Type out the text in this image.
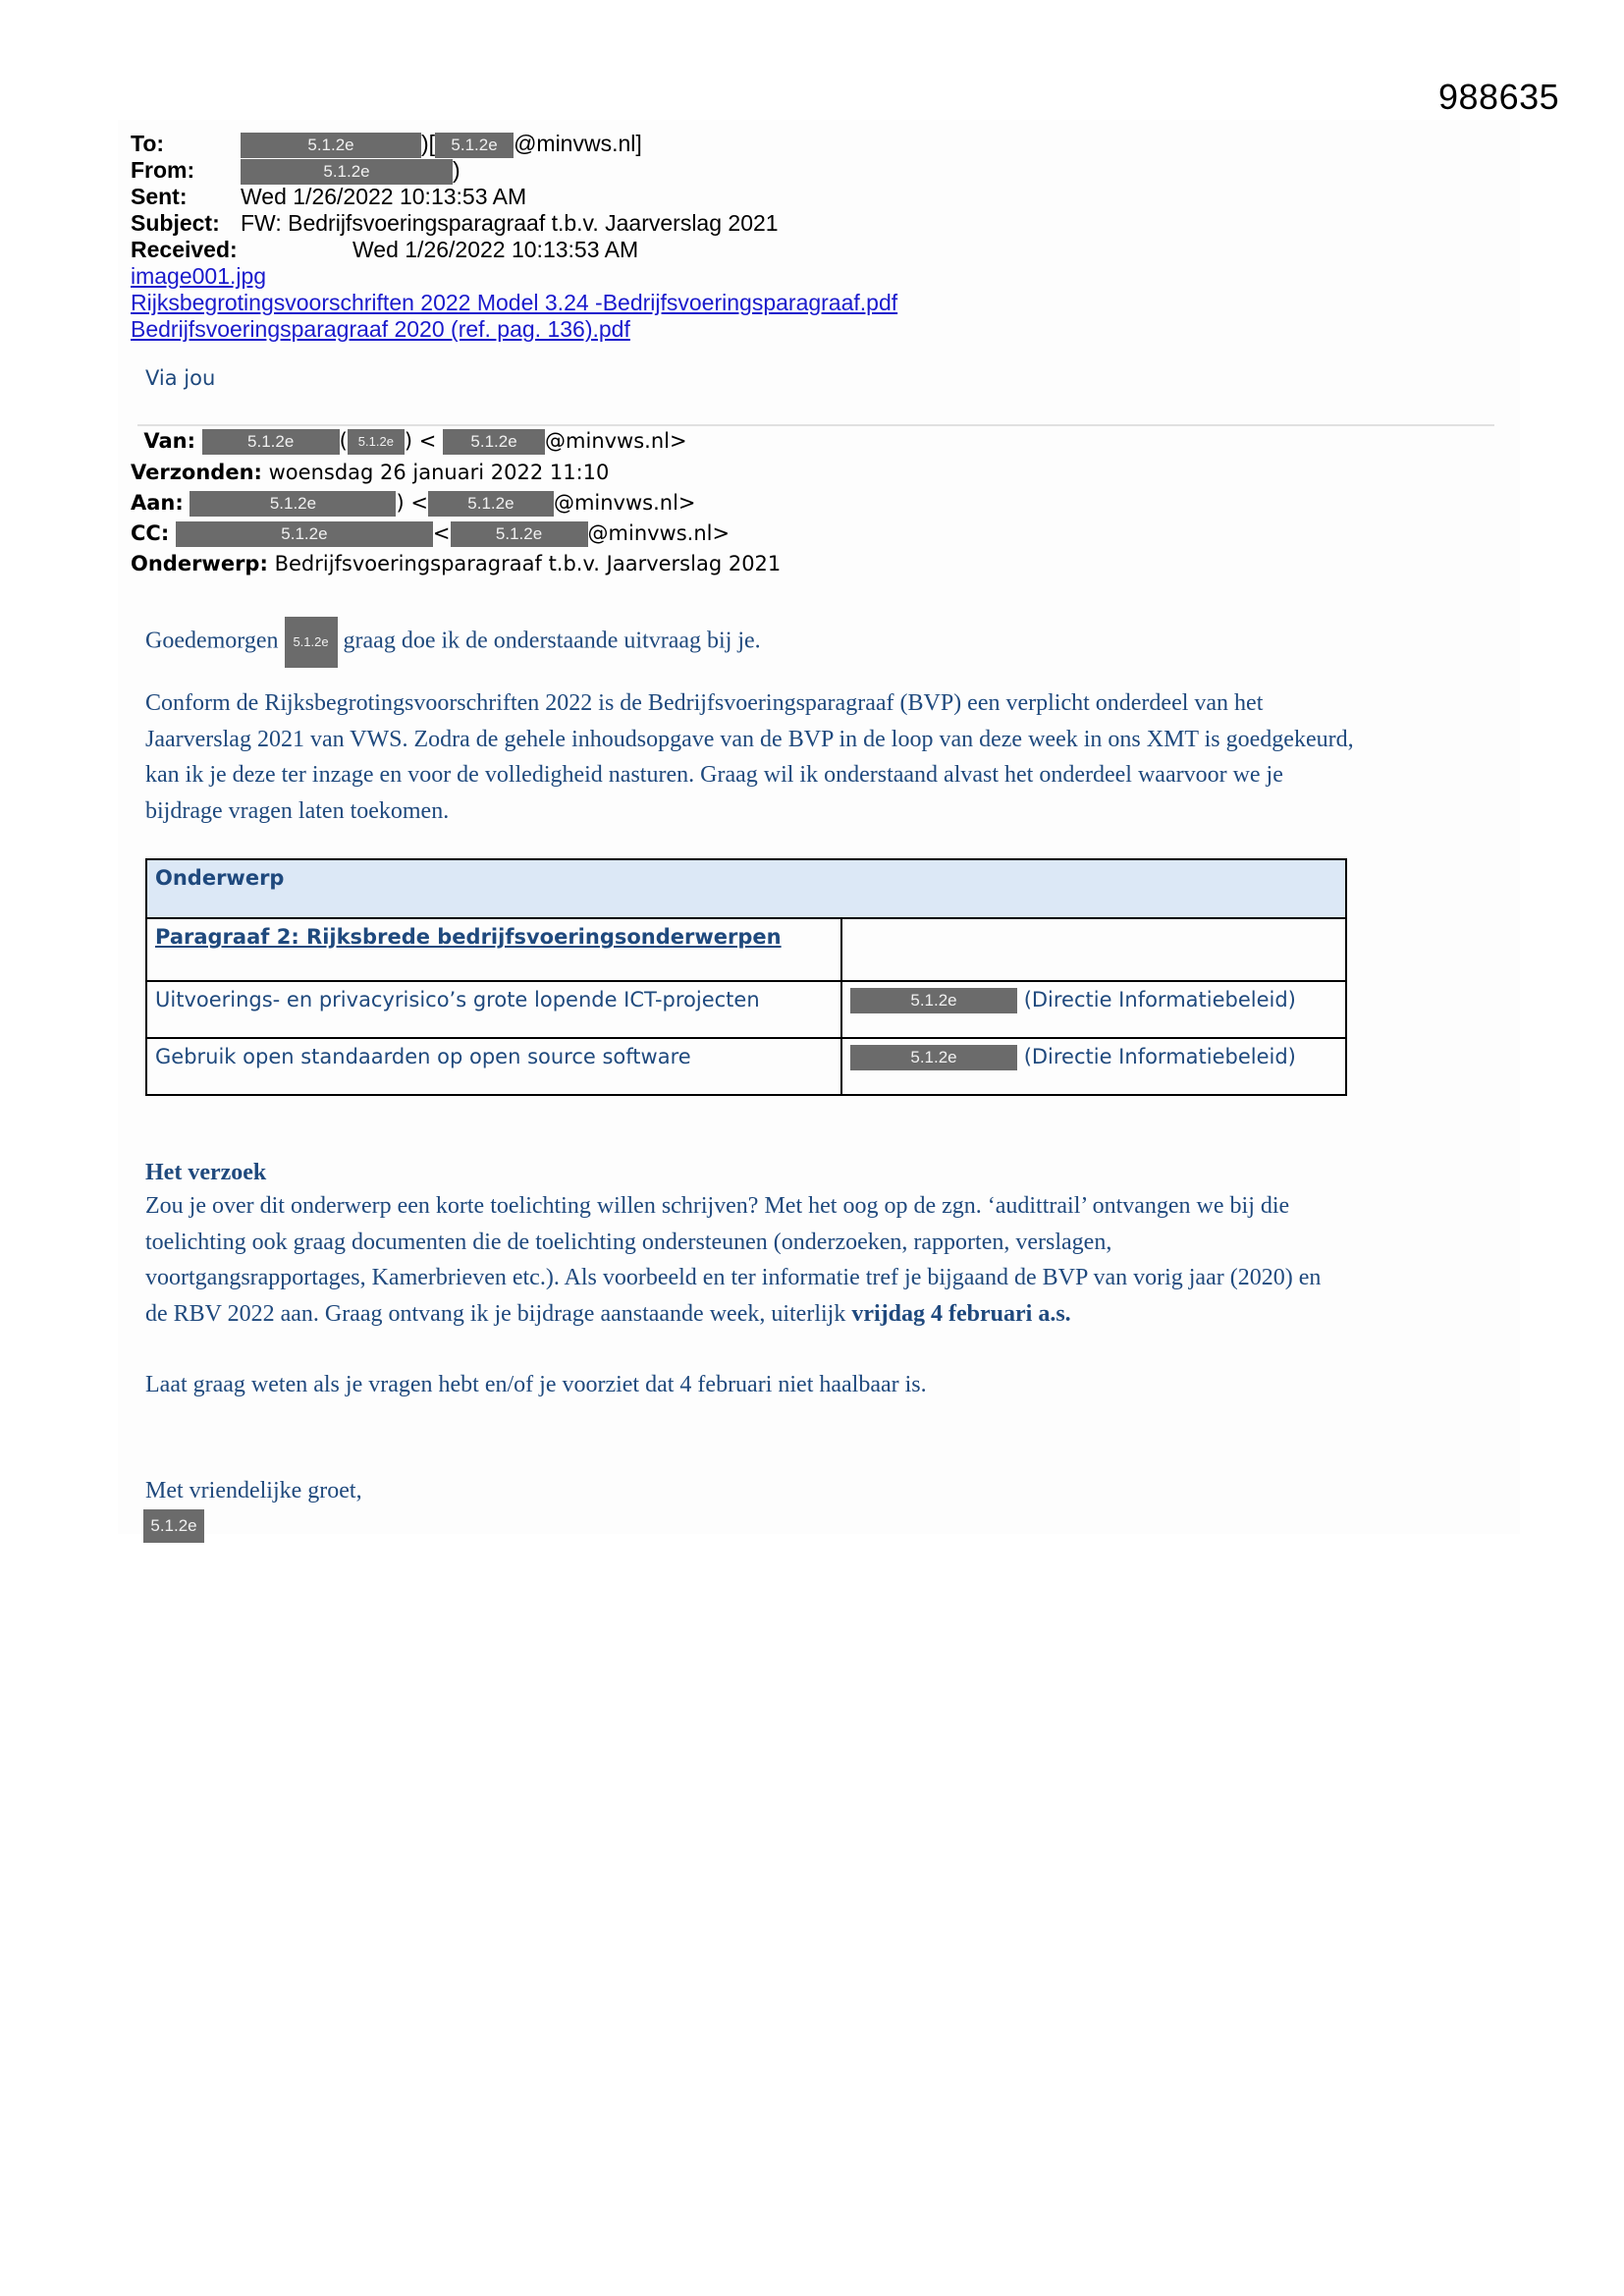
988635
To:	5.1.2e	)[ 5.1.2e @minvws.nl]
From:	5.1.2e	)
Sent: Wed 1/26/2022 10:13:53 AM
Subject: FW: Bedrijfsvoeringsparagraaf t.b.v. Jaarverslag 2021
Received:	Wed 1/26/2022 10:13:53 AM
image001.jpg
Rijksbegrotingsvoorschriften 2022 Model 3.24 -Bedrijfsvoeringsparagraaf.pdf
Bedrijfsvoeringsparagraaf 2020 (ref. pag. 136).pdf
Via jou
Van:	5.1.2e ( 5.1.2e ) < 5.1.2e @minvws.nl>
Verzonden: woensdag 26 januari 2022 11:10
Aan:	5.1.2e	) < 5.1.2e @minvws.nl>
CC:	5.1.2e	<	5.1.2e @minvws.nl>
Onderwerp: Bedrijfsvoeringsparagraaf t.b.v. Jaarverslag 2021
Goedemorgen 5.1.2e graag doe ik de onderstaande uitvraag bij je.
Conform de Rijksbegrotingsvoorschriften 2022 is de Bedrijfsvoeringsparagraaf (BVP) een verplicht onderdeel van het
Jaarverslag 2021 van VWS. Zodra de gehele inhoudsopgave van de BVP in de loop van deze week in ons XMT is goedgekeurd,
kan ik je deze ter inzage en voor de volledigheid nasturen. Graag wil ik onderstaand alvast het onderdeel waarvoor we je
bijdrage vragen laten toekomen.
Onderwerp	
Paragraaf 2: Rijksbrede bedrijfsvoeringsonderwerpen	
Uitvoerings- en privacyrisico’s grote lopende ICT-projecten	5.1.2e (Directie Informatiebeleid)
Gebruik open standaarden op open source software	5.1.2e (Directie Informatiebeleid)
Het verzoek
Zou je over dit onderwerp een korte toelichting willen schrijven? Met het oog op de zgn. ‘audittrail’ ontvangen we bij die
toelichting ook graag documenten die de toelichting ondersteunen (onderzoeken, rapporten, verslagen,
voortgangsrapportages, Kamerbrieven etc.). Als voorbeeld en ter informatie tref je bijgaand de BVP van vorig jaar (2020) en
de RBV 2022 aan. Graag ontvang ik je bijdrage aanstaande week, uiterlijk vrijdag 4 februari a.s.
Laat graag weten als je vragen hebt en/of je voorziet dat 4 februari niet haalbaar is.
Met vriendelijke groet,
5.1.2e
